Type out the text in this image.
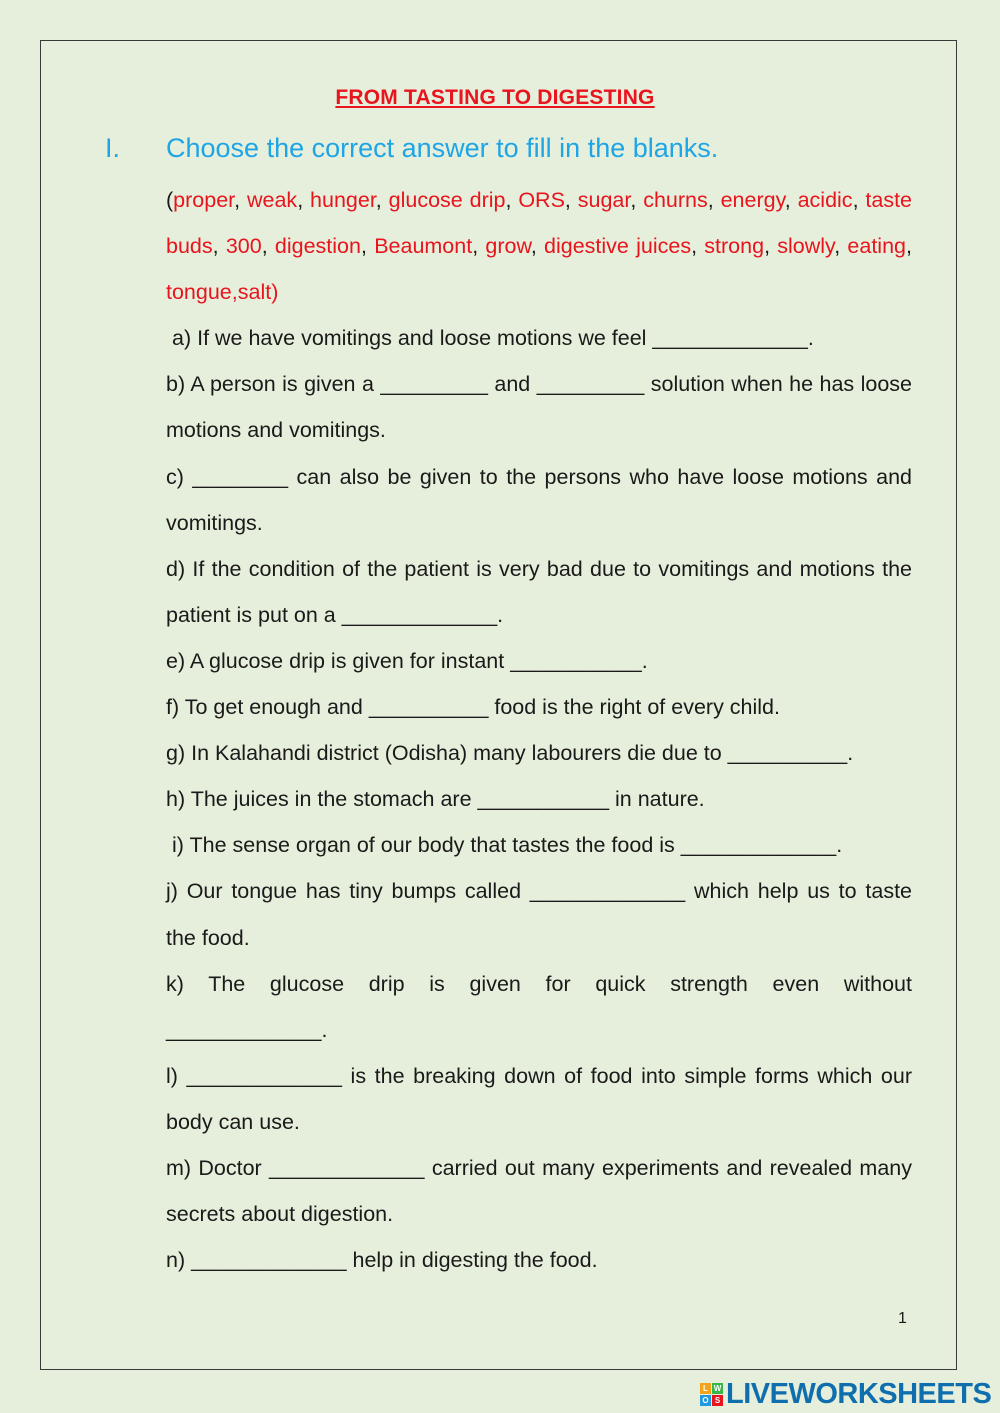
FROM TASTING TO DIGESTING
I. Choose the correct answer to fill in the blanks.
(proper, weak, hunger, glucose drip, ORS, sugar, churns, energy, acidic, taste buds, 300, digestion, Beaumont, grow, digestive juices, strong, slowly, eating, tongue,salt)

a) If we have vomitings and loose motions we feel _____________.

b) A person is given a _________ and _________ solution when he has loose motions and vomitings.

c) ________ can also be given to the persons who have loose motions and vomitings.

d) If the condition of the patient is very bad due to vomitings and motions the patient is put on a _____________.

e) A glucose drip is given for instant ___________.

f) To get enough and __________ food is the right of every child.

g) In Kalahandi district (Odisha) many labourers die due to __________.

h) The juices in the stomach are ___________ in nature.

i) The sense organ of our body that tastes the food is _____________.

j) Our tongue has tiny bumps called _____________ which help us to taste the food.

k) The glucose drip is given for quick strength even without

_____________.

l) _____________ is the breaking down of food into simple forms which our body can use.

m) Doctor _____________ carried out many experiments and revealed many secrets about digestion.

n) _____________ help in digesting the food.

1
L W
O S LIVEWORKSHEETS
